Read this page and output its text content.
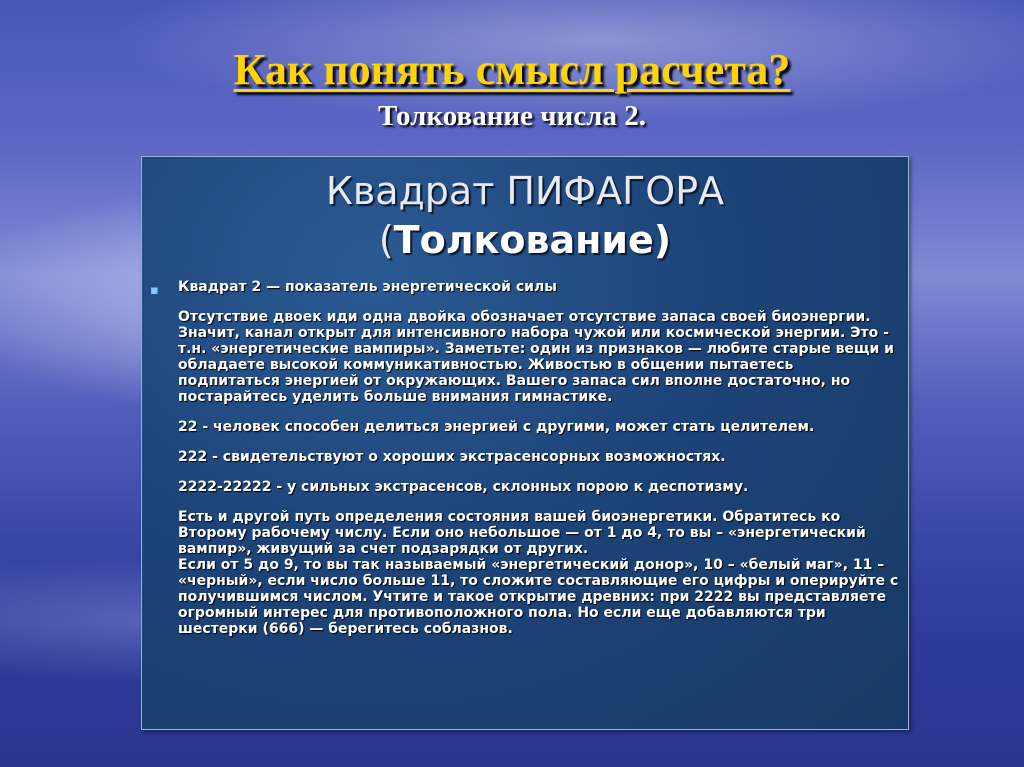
Как понять смысл расчета?
Толкование числа 2.
Квадрат ПИФАГОРА
(Толкование)
▪ Квадрат 2 — показатель энергетической силы

Отсутствие двоек иди одна двойка обозначает отсутствие запаса своей биоэнергии. Значит, канал открыт для интенсивного набора чужой или космической энергии. Это - т.н. «энергетические вампиры». Заметьте: один из признаков — любите старые вещи и обладаете высокой коммуникативностью. Живостью в общении пытаетесь подпитаться энергией от окружающих. Вашего запаса сил вполне достаточно, но постарайтесь уделить больше внимания гимнастике.

22 - человек способен делиться энергией с другими, может стать целителем.

222 - свидетельствуют о хороших экстрасенсорных возможностях.

2222-22222 - у сильных экстрасенсов, склонных порою к деспотизму.

Есть и другой путь определения состояния вашей биоэнергетики. Обратитесь ко Второму рабочему числу. Если оно небольшое — от 1 до 4, то вы – «энергетический вампир», живущий за счет подзарядки от других.

Если от 5 до 9, то вы так называемый «энергетический донор», 10 – «белый маг», 11 – «черный», если число больше 11, то сложите составляющие его цифры и оперируйте с получившимся числом. Учтите и такое открытие древних: при 2222 вы представляете огромный интерес для противоположного пола. Но если еще добавляются три шестерки (666) — берегитесь соблазнов.
